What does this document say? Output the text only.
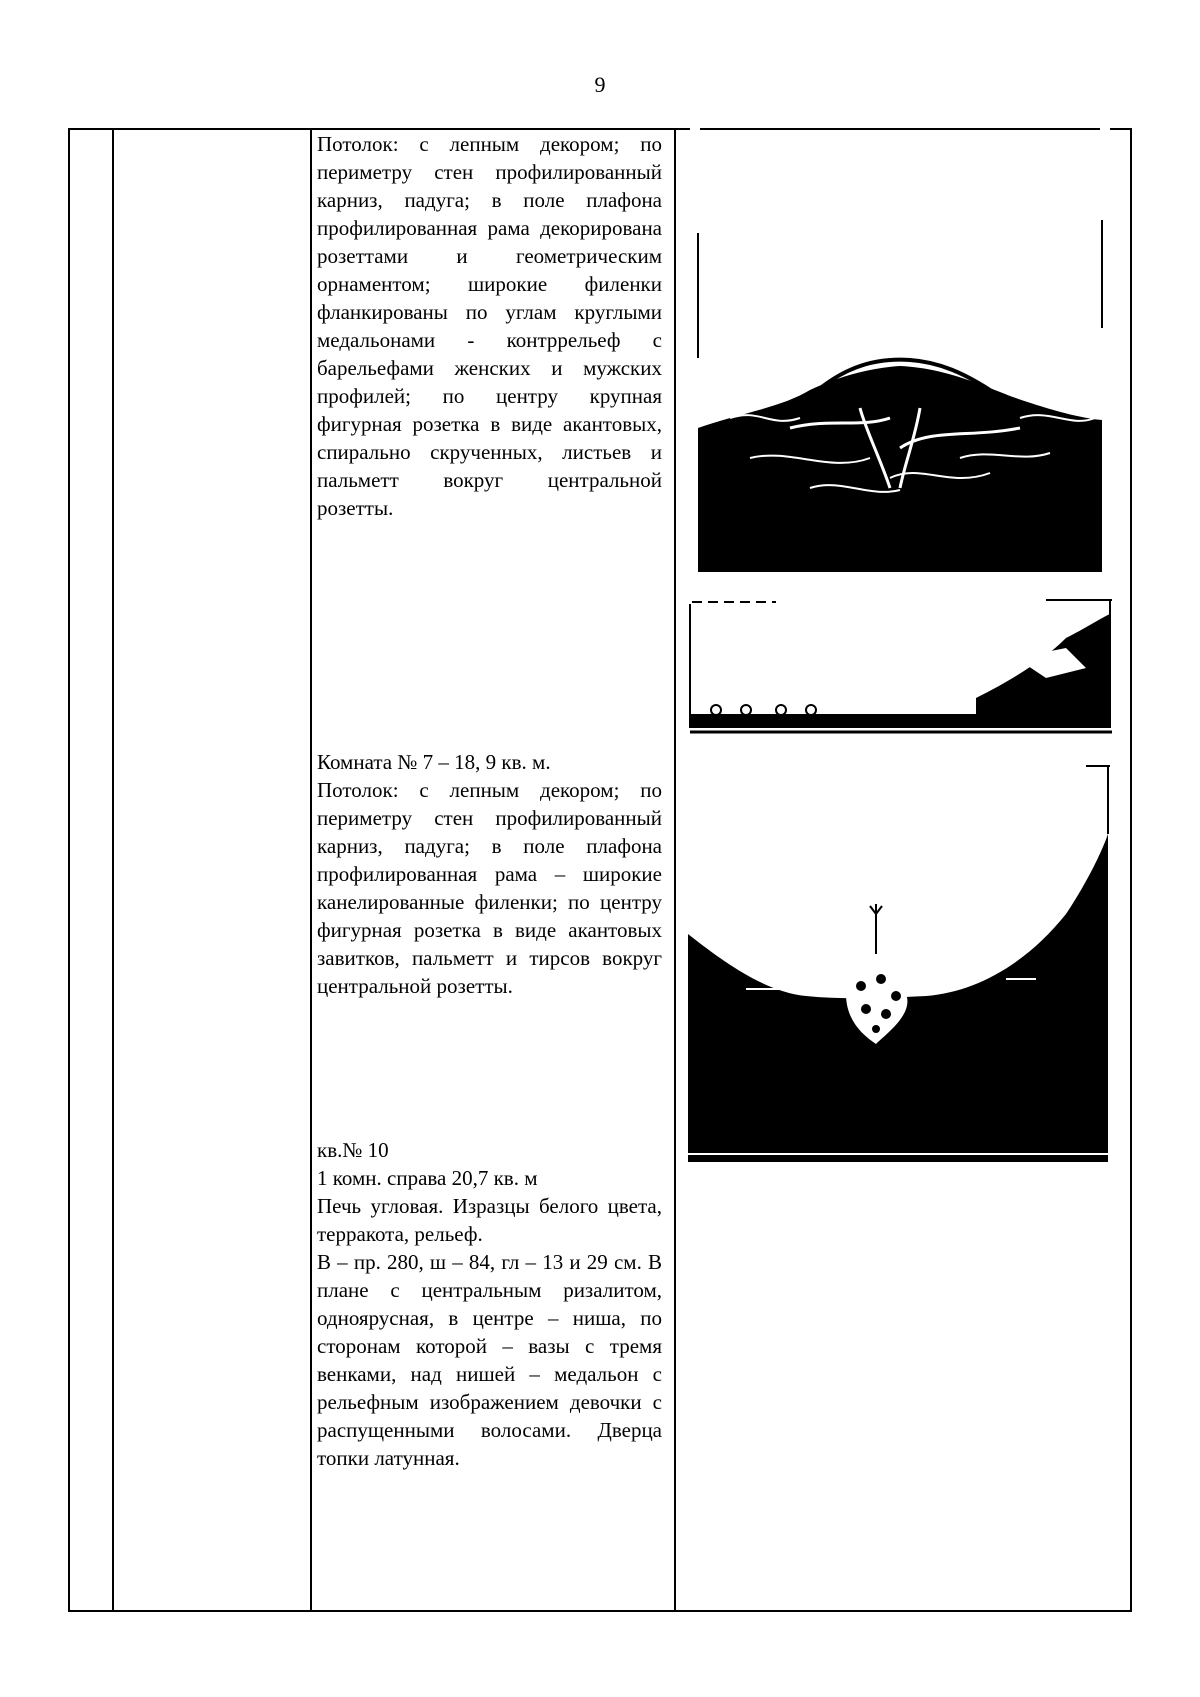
9

Потолок: с лепным декором; по периметру стен профилированный карниз, падуга; в поле плафона профилированная рама декорирована розеттами и геометрическим орнаментом; широкие филенки фланкированы по углам круглыми медальонами - контррельеф с барельефами женских и мужских профилей; по центру крупная фигурная розетка в виде акантовых, спирально скрученных, листьев и пальметт вокруг центральной розетты.

Комната № 7 – 18, 9 кв. м.

Потолок: с лепным декором; по периметру стен профилированный карниз, падуга; в поле плафона профилированная рама – широкие канелированные филенки; по центру фигурная розетка в виде акантовых завитков, пальметт и тирсов вокруг центральной розетты.

кв.№ 10

1 комн. справа 20,7 кв. м

Печь угловая. Изразцы белого цвета, терракота, рельеф.

В – пр. 280, ш – 84, гл – 13 и 29 см. В плане с центральным ризалитом, одноярусная, в центре – ниша, по сторонам которой – вазы с тремя венками, над нишей – медальон с рельефным изображением девочки с распущенными волосами. Дверца топки латунная.
